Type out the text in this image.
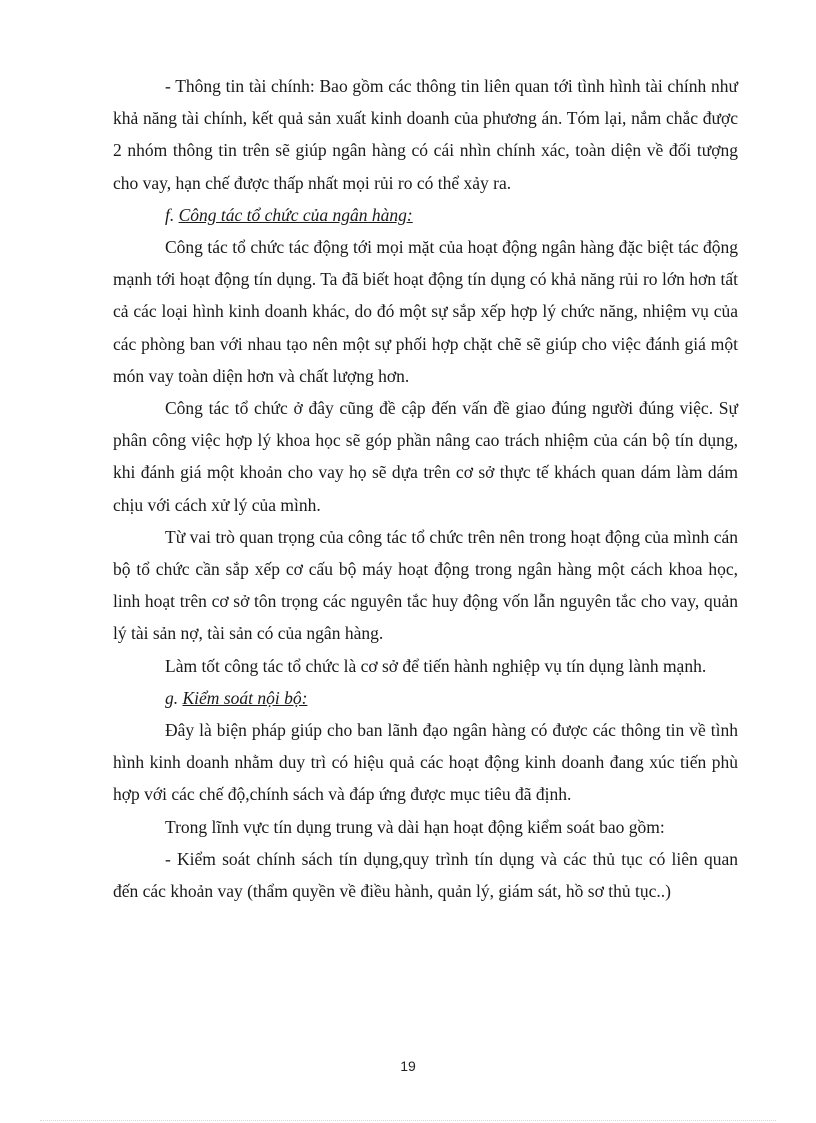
- Thông tin tài chính: Bao gồm các thông tin liên quan tới tình hình tài chính như khả năng tài chính, kết quả sản xuất kinh doanh của phương án. Tóm lại, nắm chắc được 2 nhóm thông tin trên sẽ giúp ngân hàng có cái nhìn chính xác, toàn diện về đối tượng cho vay, hạn chế được thấp nhất mọi rủi ro có thể xảy ra.

f. Công tác tổ chức của ngân hàng:

Công tác tổ chức tác động tới mọi mặt của hoạt động ngân hàng đặc biệt tác động mạnh tới hoạt động tín dụng. Ta đã biết hoạt động tín dụng có khả năng rủi ro lớn hơn tất cả các loại hình kinh doanh khác, do đó một sự sắp xếp hợp lý chức năng, nhiệm vụ của các phòng ban với nhau tạo nên một sự phối hợp chặt chẽ sẽ giúp cho việc đánh giá một món vay toàn diện hơn và chất lượng hơn.

Công tác tổ chức ở đây cũng đề cập đến vấn đề giao đúng người đúng việc. Sự phân công việc hợp lý khoa học sẽ góp phần nâng cao trách nhiệm của cán bộ tín dụng, khi đánh giá một khoản cho vay họ sẽ dựa trên cơ sở thực tế khách quan dám làm dám chịu với cách xử lý của mình.

Từ vai trò quan trọng của công tác tổ chức trên nên trong hoạt động của mình cán bộ tổ chức cần sắp xếp cơ cấu bộ máy hoạt động trong ngân hàng một cách khoa học, linh hoạt trên cơ sở tôn trọng các nguyên tắc huy động vốn lẫn nguyên tắc cho vay, quản lý tài sản nợ, tài sản có của ngân hàng.

Làm tốt công tác tổ chức là cơ sở để tiến hành nghiệp vụ tín dụng lành mạnh.

g. Kiểm soát nội bộ:

Đây là biện pháp giúp cho ban lãnh đạo ngân hàng có được các thông tin về tình hình kinh doanh nhằm duy trì có hiệu quả các hoạt động kinh doanh đang xúc tiến phù hợp với các chế độ,chính sách và đáp ứng được mục tiêu đã định.

Trong lĩnh vực tín dụng trung và dài hạn hoạt động kiểm soát bao gồm:

- Kiểm soát chính sách tín dụng,quy trình tín dụng và các thủ tục có liên quan đến các khoản vay (thẩm quyền về điều hành, quản lý, giám sát, hồ sơ thủ tục..)

19
